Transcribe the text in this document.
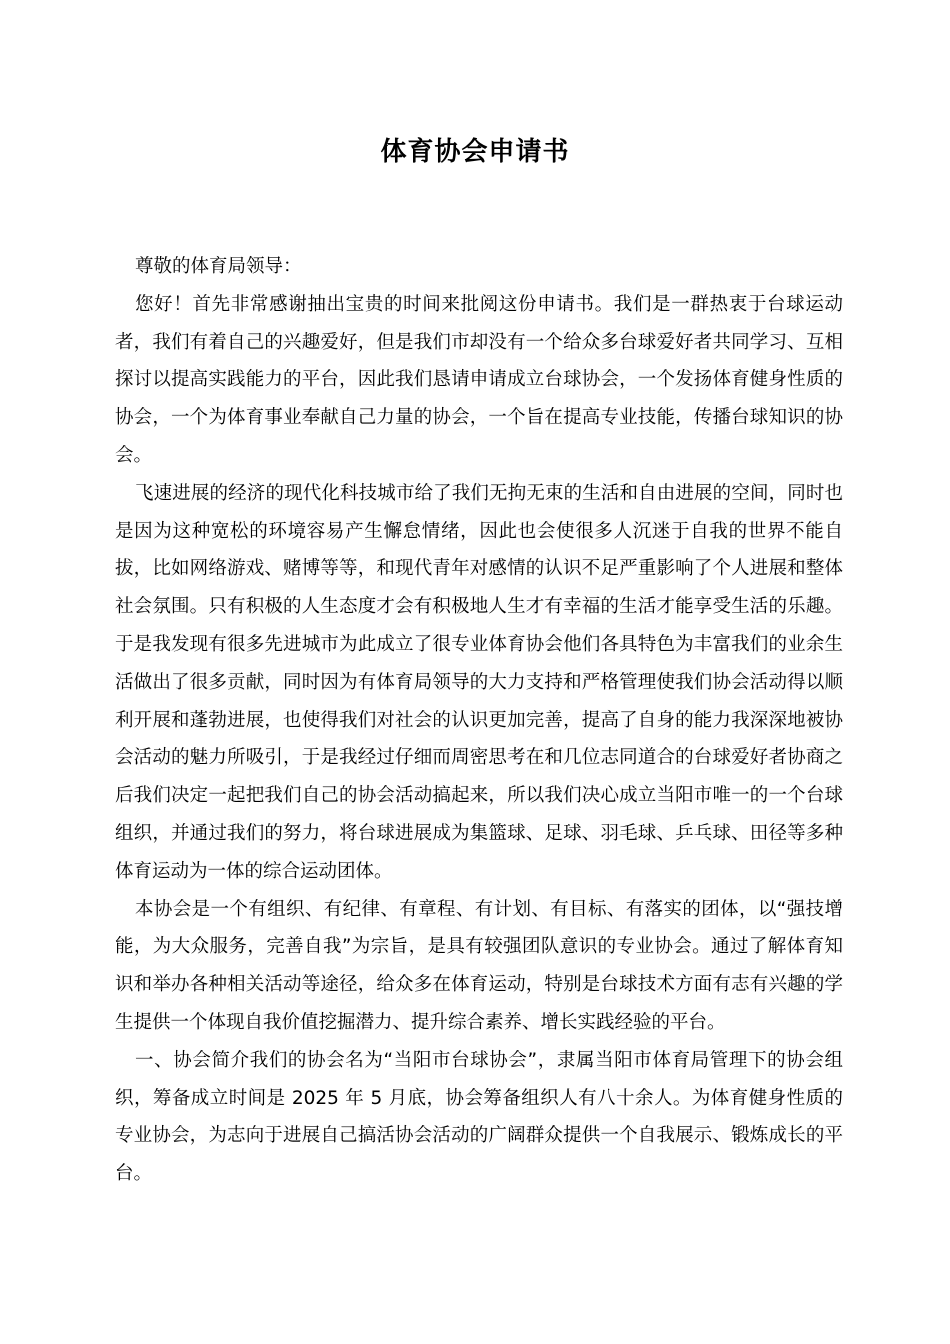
体育协会申请书

尊敬的体育局领导：

您好！首先非常感谢抽出宝贵的时间来批阅这份申请书。我们是一群热衷于台球运动者，我们有着自己的兴趣爱好，但是我们市却没有一个给众多台球爱好者共同学习、互相探讨以提高实践能力的平台，因此我们恳请申请成立台球协会，一个发扬体育健身性质的协会，一个为体育事业奉献自己力量的协会，一个旨在提高专业技能，传播台球知识的协会。

飞速进展的经济的现代化科技城市给了我们无拘无束的生活和自由进展的空间，同时也是因为这种宽松的环境容易产生懈怠情绪，因此也会使很多人沉迷于自我的世界不能自拔，比如网络游戏、赌博等等，和现代青年对感情的认识不足严重影响了个人进展和整体社会氛围。只有积极的人生态度才会有积极地人生才有幸福的生活才能享受生活的乐趣。于是我发现有很多先进城市为此成立了很专业体育协会他们各具特色为丰富我们的业余生活做出了很多贡献，同时因为有体育局领导的大力支持和严格管理使我们协会活动得以顺利开展和蓬勃进展，也使得我们对社会的认识更加完善，提高了自身的能力我深深地被协会活动的魅力所吸引，于是我经过仔细而周密思考在和几位志同道合的台球爱好者协商之后我们决定一起把我们自己的协会活动搞起来，所以我们决心成立当阳市唯一的一个台球组织，并通过我们的努力，将台球进展成为集篮球、足球、羽毛球、乒乓球、田径等多种体育运动为一体的综合运动团体。

本协会是一个有组织、有纪律、有章程、有计划、有目标、有落实的团体，以“强技增能，为大众服务，完善自我”为宗旨，是具有较强团队意识的专业协会。通过了解体育知识和举办各种相关活动等途径，给众多在体育运动，特别是台球技术方面有志有兴趣的学生提供一个体现自我价值挖掘潜力、提升综合素养、增长实践经验的平台。

一、协会简介我们的协会名为“当阳市台球协会”，隶属当阳市体育局管理下的协会组织，筹备成立时间是 2025 年 5 月底，协会筹备组织人有八十余人。为体育健身性质的专业协会，为志向于进展自己搞活协会活动的广阔群众提供一个自我展示、锻炼成长的平台。
